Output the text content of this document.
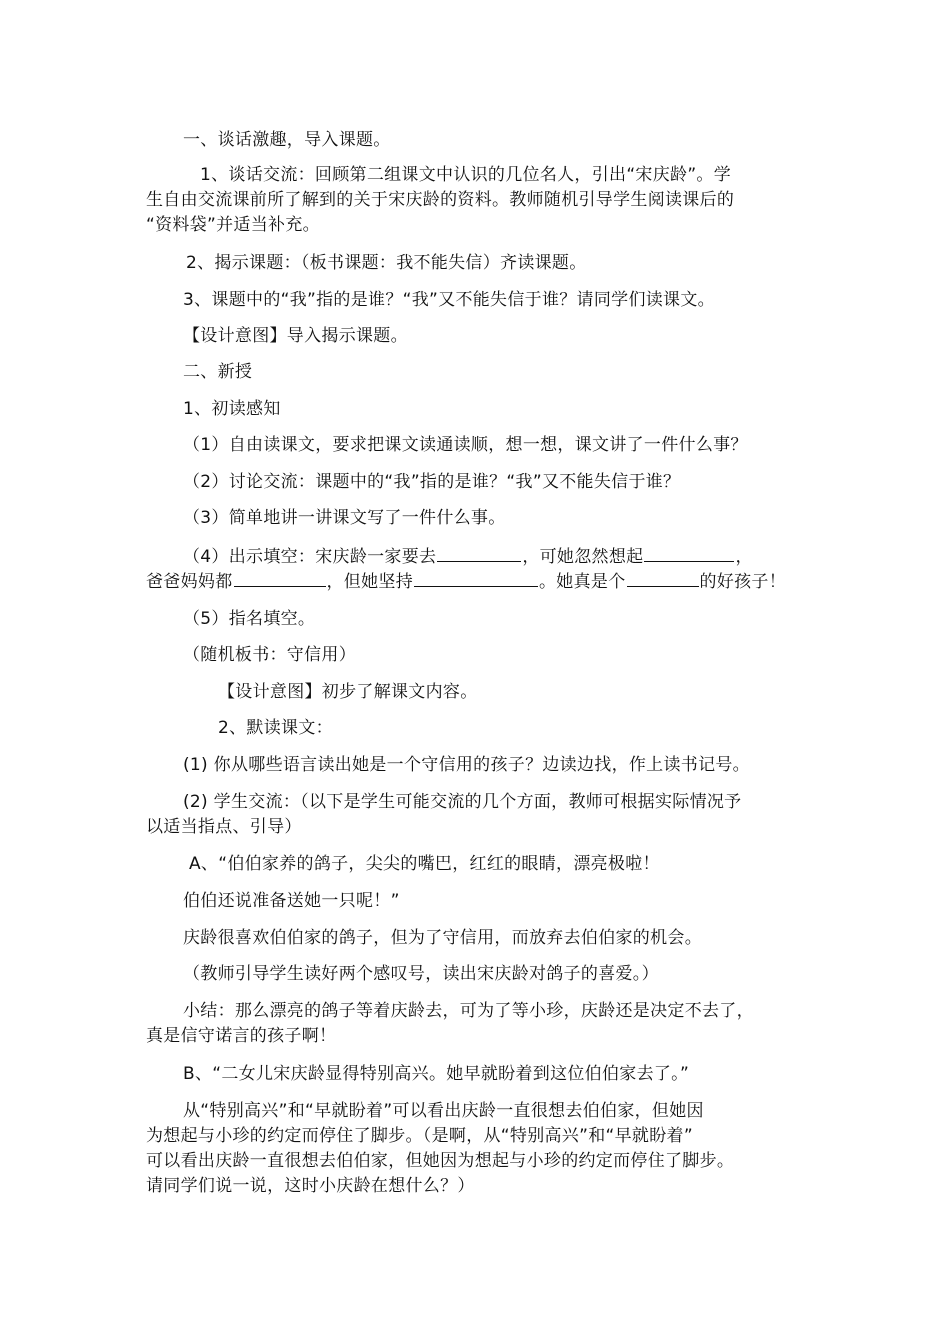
一、谈话激趣，导入课题。
1、谈话交流：回顾第二组课文中认识的几位名人，引出“宋庆龄”。学
生自由交流课前所了解到的关于宋庆龄的资料。教师随机引导学生阅读课后的
“资料袋”并适当补充。
2、揭示课题：（板书课题：我不能失信）齐读课题。
3、课题中的“我”指的是谁？“我”又不能失信于谁？请同学们读课文。
【设计意图】导入揭示课题。
二、新授
1、初读感知
（1）自由读课文，要求把课文读通读顺，想一想，课文讲了一件什么事？
（2）讨论交流：课题中的“我”指的是谁？“我”又不能失信于谁？
（3）简单地讲一讲课文写了一件什么事。
（4）出示填空：宋庆龄一家要去	，可她忽然想起	，
爸爸妈妈都	，但她坚持	。她真是个	的好孩子！
（5）指名填空。
（随机板书：守信用）
【设计意图】初步了解课文内容。
2、默读课文：
(1) 你从哪些语言读出她是一个守信用的孩子？边读边找，作上读书记号。
(2) 学生交流：（以下是学生可能交流的几个方面，教师可根据实际情况予
以适当指点、引导）
A、“伯伯家养的鸽子，尖尖的嘴巴，红红的眼睛，漂亮极啦！
伯伯还说准备送她一只呢！”
庆龄很喜欢伯伯家的鸽子，但为了守信用，而放弃去伯伯家的机会。
（教师引导学生读好两个感叹号，读出宋庆龄对鸽子的喜爱。）
小结：那么漂亮的鸽子等着庆龄去，可为了等小珍，庆龄还是决定不去了，
真是信守诺言的孩子啊！
B、“二女儿宋庆龄显得特别高兴。她早就盼着到这位伯伯家去了。”
从“特别高兴”和“早就盼着”可以看出庆龄一直很想去伯伯家，但她因
为想起与小珍的约定而停住了脚步。（是啊，从“特别高兴”和“早就盼着”
可以看出庆龄一直很想去伯伯家，但她因为想起与小珍的约定而停住了脚步。
请同学们说一说，这时小庆龄在想什么？）
